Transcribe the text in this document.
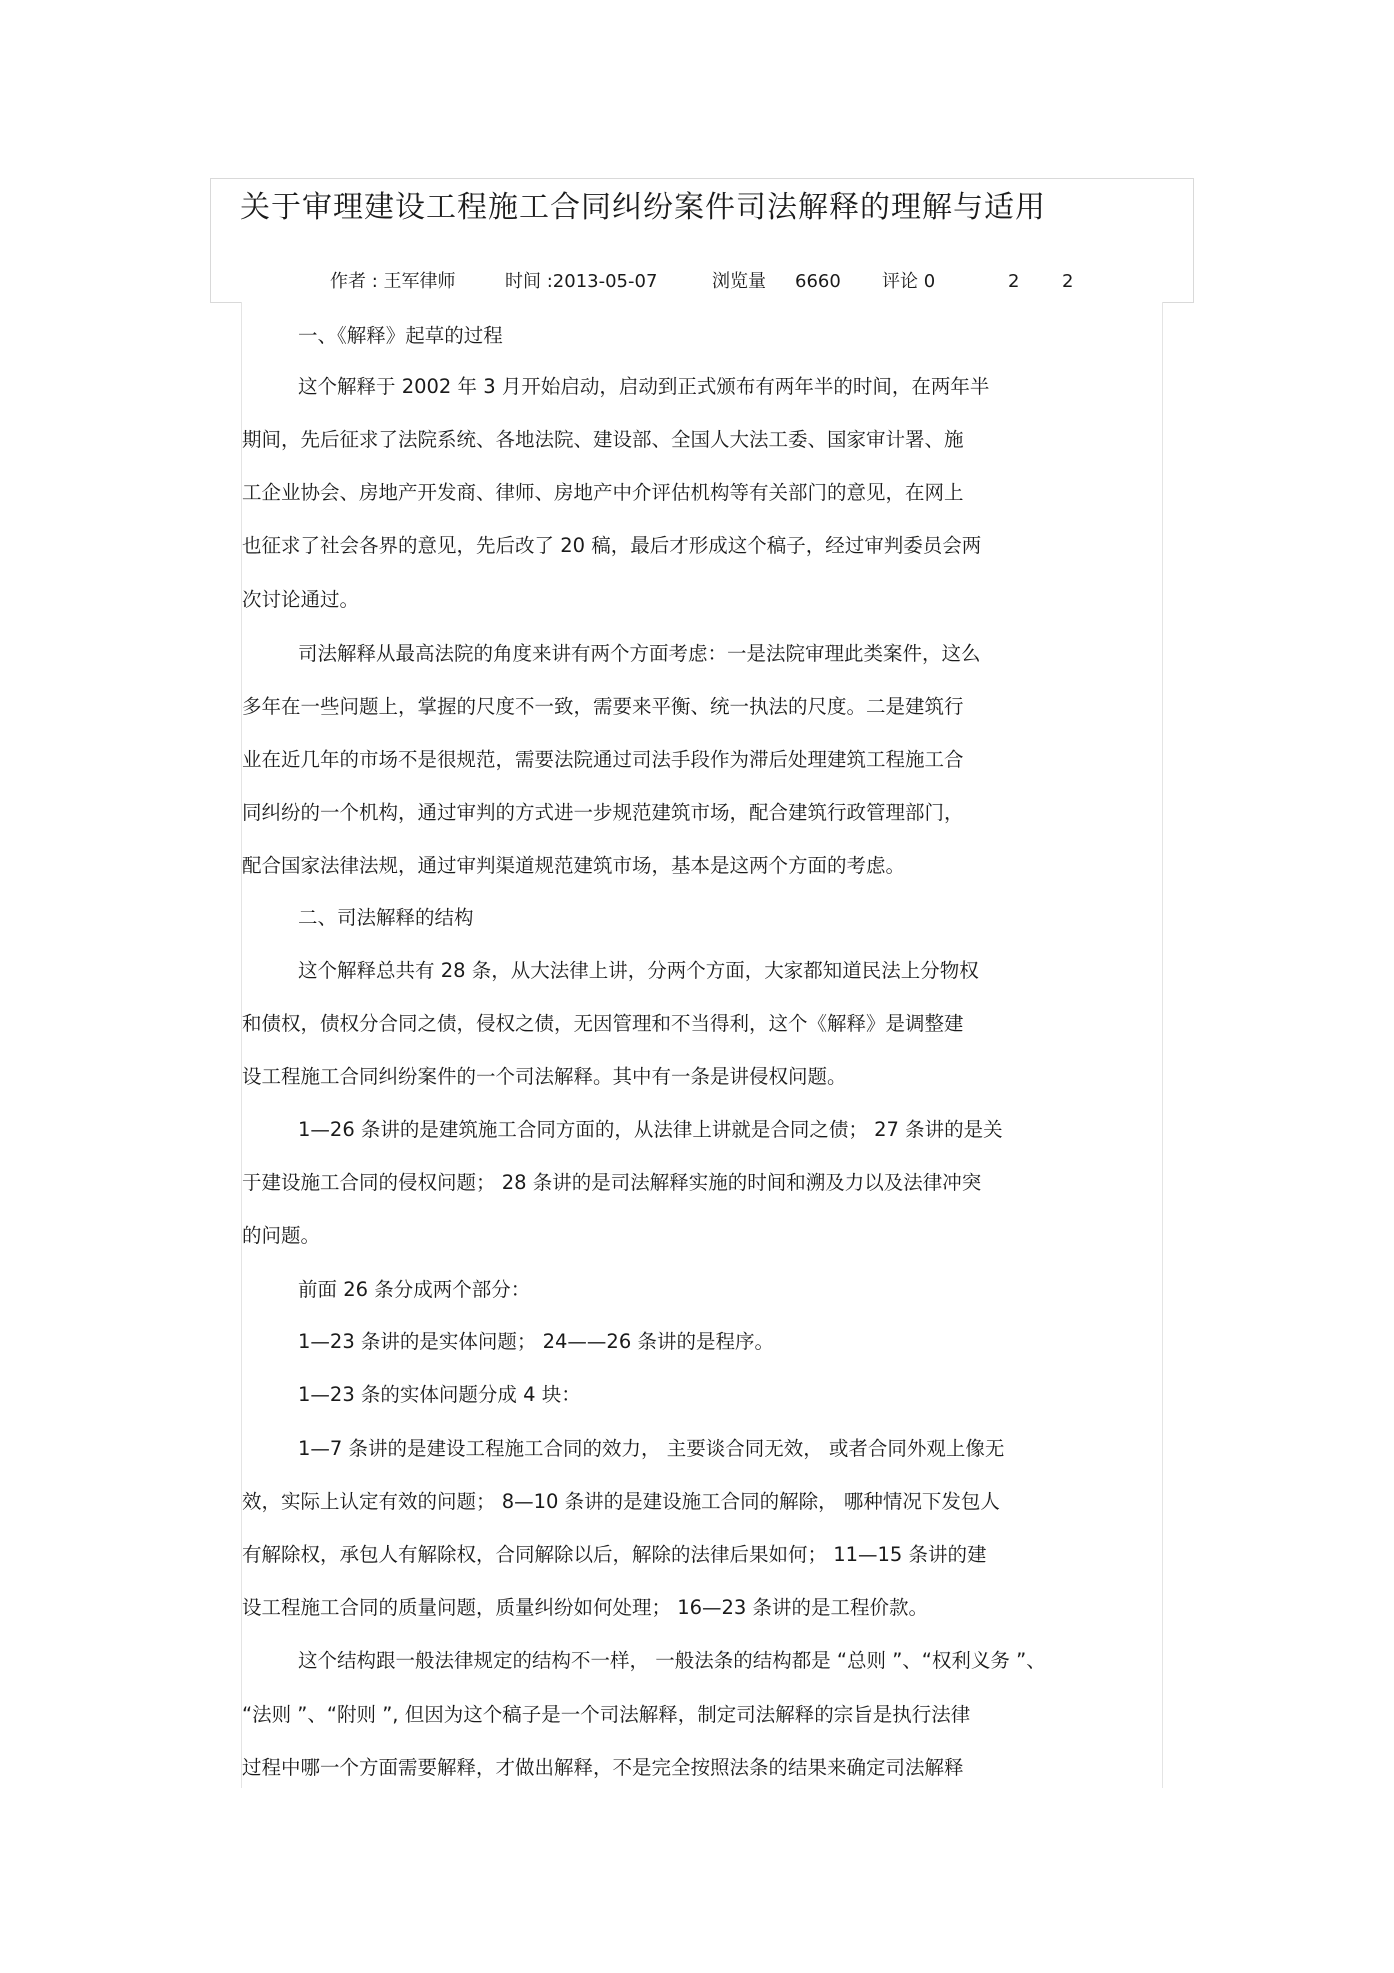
关于审理建设工程施工合同纠纷案件司法解释的理解与适用
作者 : 王军律师	时间 :2013-05-07	浏览量 6660 评论 0	2 2
一、《解释》起草的过程
这个解释于 2002 年 3 月开始启动，启动到正式颁布有两年半的时间，在两年半
期间，先后征求了法院系统、各地法院、建设部、全国人大法工委、国家审计署、施
工企业协会、房地产开发商、律师、房地产中介评估机构等有关部门的意见，在网上
也征求了社会各界的意见，先后改了 20 稿，最后才形成这个稿子，经过审判委员会两
次讨论通过。
司法解释从最高法院的角度来讲有两个方面考虑：一是法院审理此类案件，这么
多年在一些问题上，掌握的尺度不一致，需要来平衡、统一执法的尺度。二是建筑行
业在近几年的市场不是很规范，需要法院通过司法手段作为滞后处理建筑工程施工合
同纠纷的一个机构，通过审判的方式进一步规范建筑市场，配合建筑行政管理部门，
配合国家法律法规，通过审判渠道规范建筑市场，基本是这两个方面的考虑。
二、司法解释的结构
这个解释总共有 28 条，从大法律上讲，分两个方面，大家都知道民法上分物权
和债权，债权分合同之债，侵权之债，无因管理和不当得利，这个《解释》是调整建
设工程施工合同纠纷案件的一个司法解释。其中有一条是讲侵权问题。
1—26 条讲的是建筑施工合同方面的，从法律上讲就是合同之债； 27 条讲的是关
于建设施工合同的侵权问题； 28 条讲的是司法解释实施的时间和溯及力以及法律冲突
的问题。
前面 26 条分成两个部分：
1—23 条讲的是实体问题； 24——26 条讲的是程序。
1—23 条的实体问题分成 4 块：
1—7 条讲的是建设工程施工合同的效力， 主要谈合同无效， 或者合同外观上像无
效，实际上认定有效的问题； 8—10 条讲的是建设施工合同的解除， 哪种情况下发包人
有解除权，承包人有解除权，合同解除以后，解除的法律后果如何； 11—15 条讲的建
设工程施工合同的质量问题，质量纠纷如何处理； 16—23 条讲的是工程价款。
这个结构跟一般法律规定的结构不一样， 一般法条的结构都是 “总则 ”、“权利义务 ”、
“法则 ”、“附则 ”, 但因为这个稿子是一个司法解释，制定司法解释的宗旨是执行法律
过程中哪一个方面需要解释，才做出解释，不是完全按照法条的结果来确定司法解释
